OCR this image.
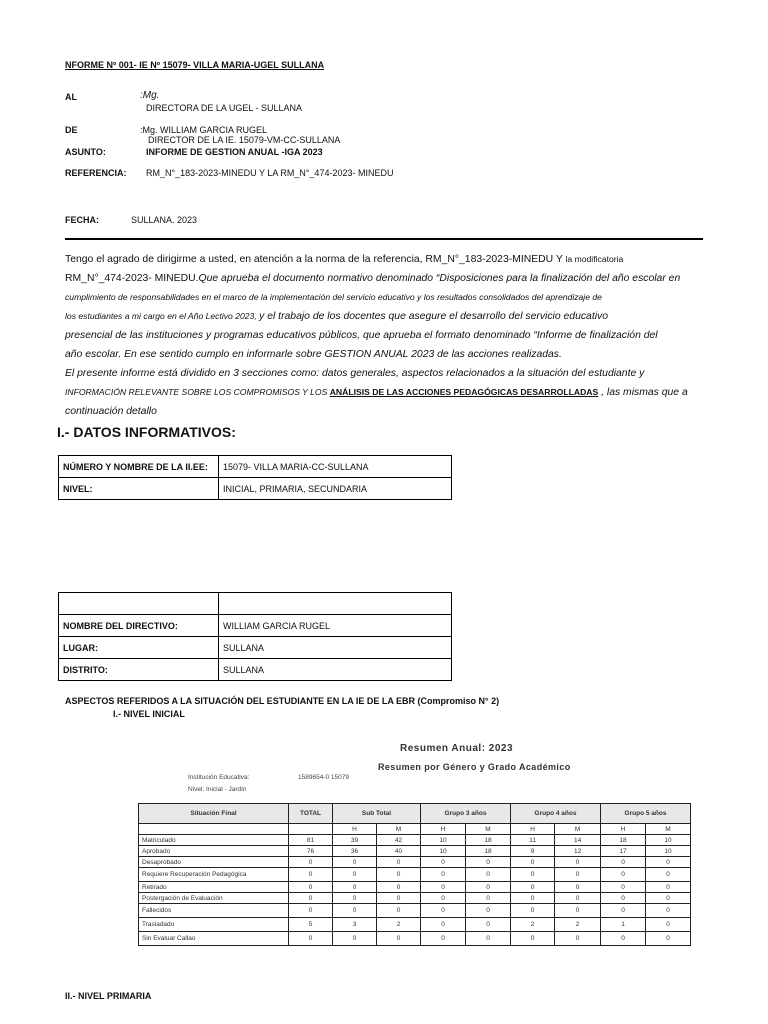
NFORME Nº 001- IE Nº 15079- VILLA MARIA-UGEL SULLANA
AL	:Mg.
DIRECTORA DE LA UGEL - SULLANA
DE	:Mg. WILLIAM GARCIA RUGEL
DIRECTOR DE LA IE. 15079-VM-CC-SULLANA
ASUNTO:	INFORME DE GESTION ANUAL -IGA 2023
REFERENCIA: RM_N°_183-2023-MINEDU Y LA RM_N°_474-2023- MINEDU
FECHA:	SULLANA. 2023
Tengo el agrado de dirigirme a usted, en atención a la norma de la referencia, RM_N°_183-2023-MINEDU Y la modificatoria
RM_N°_474-2023- MINEDU.Que aprueba el documento normativo denominado “Disposiciones para la finalización del año escolar en
cumplimiento de responsabilidades en el marco de la implementación del servicio educativo y los resultados consolidados del aprendizaje de
los estudiantes a mi cargo en el Año Lectivo 2023, y el trabajo de los docentes que asegure el desarrollo del servicio educativo
presencial de las instituciones y programas educativos públicos, que aprueba el formato denominado “Informe de finalización del
año escolar. En ese sentido cumplo en informarle sobre GESTION ANUAL 2023 de las acciones realizadas.
El presente informe está dividido en 3 secciones como: datos generales, aspectos relacionados a la situación del estudiante y
INFORMACIÓN RELEVANTE SOBRE LOS COMPROMISOS Y LOS ANÁLISIS DE LAS ACCIONES PEDAGÓGICAS DESARROLLADAS , las mismas que a
continuación detallo
I.- DATOS INFORMATIVOS:
NÚMERO Y NOMBRE DE LA II.EE:	15079- VILLA MARIA-CC-SULLANA
NIVEL:	INICIAL, PRIMARIA, SECUNDARIA

NOMBRE DEL DIRECTIVO:	WILLIAM GARCIA RUGEL
LUGAR:	SULLANA
DISTRITO:	SULLANA
ASPECTOS REFERIDOS A LA SITUACIÓN DEL ESTUDIANTE EN LA IE DE LA EBR (Compromiso N° 2)
I.- NIVEL INICIAL
Resumen Anual: 2023
Resumen por Género y Grado Académico
Institución Educativa:	1589654-0 15079
Nivel: Inicial - Jardín
Situación Final	TOTAL	Sub Total		Grupo 3 años		Grupo 4 años		Grupo 5 años	
		H	M	H	M	H	M	H	M
Matriculado	81	39	42	10	18	11	14	18	10
Aprobado	76	36	40	10	18	9	12	17	10
Desaprobado	0	0	0	0	0	0	0	0	0
Requiere Recuperación Pedagógica	0	0	0	0	0	0	0	0	0
Retirado	0	0	0	0	0	0	0	0	0
Postergación de Evaluación	0	0	0	0	0	0	0	0	0
Fallecidos	0	0	0	0	0	0	0	0	0
Trasladado	5	3	2	0	0	2	2	1	0
Sin Evaluar Callao	0	0	0	0	0	0	0	0	0
II.- NIVEL PRIMARIA
